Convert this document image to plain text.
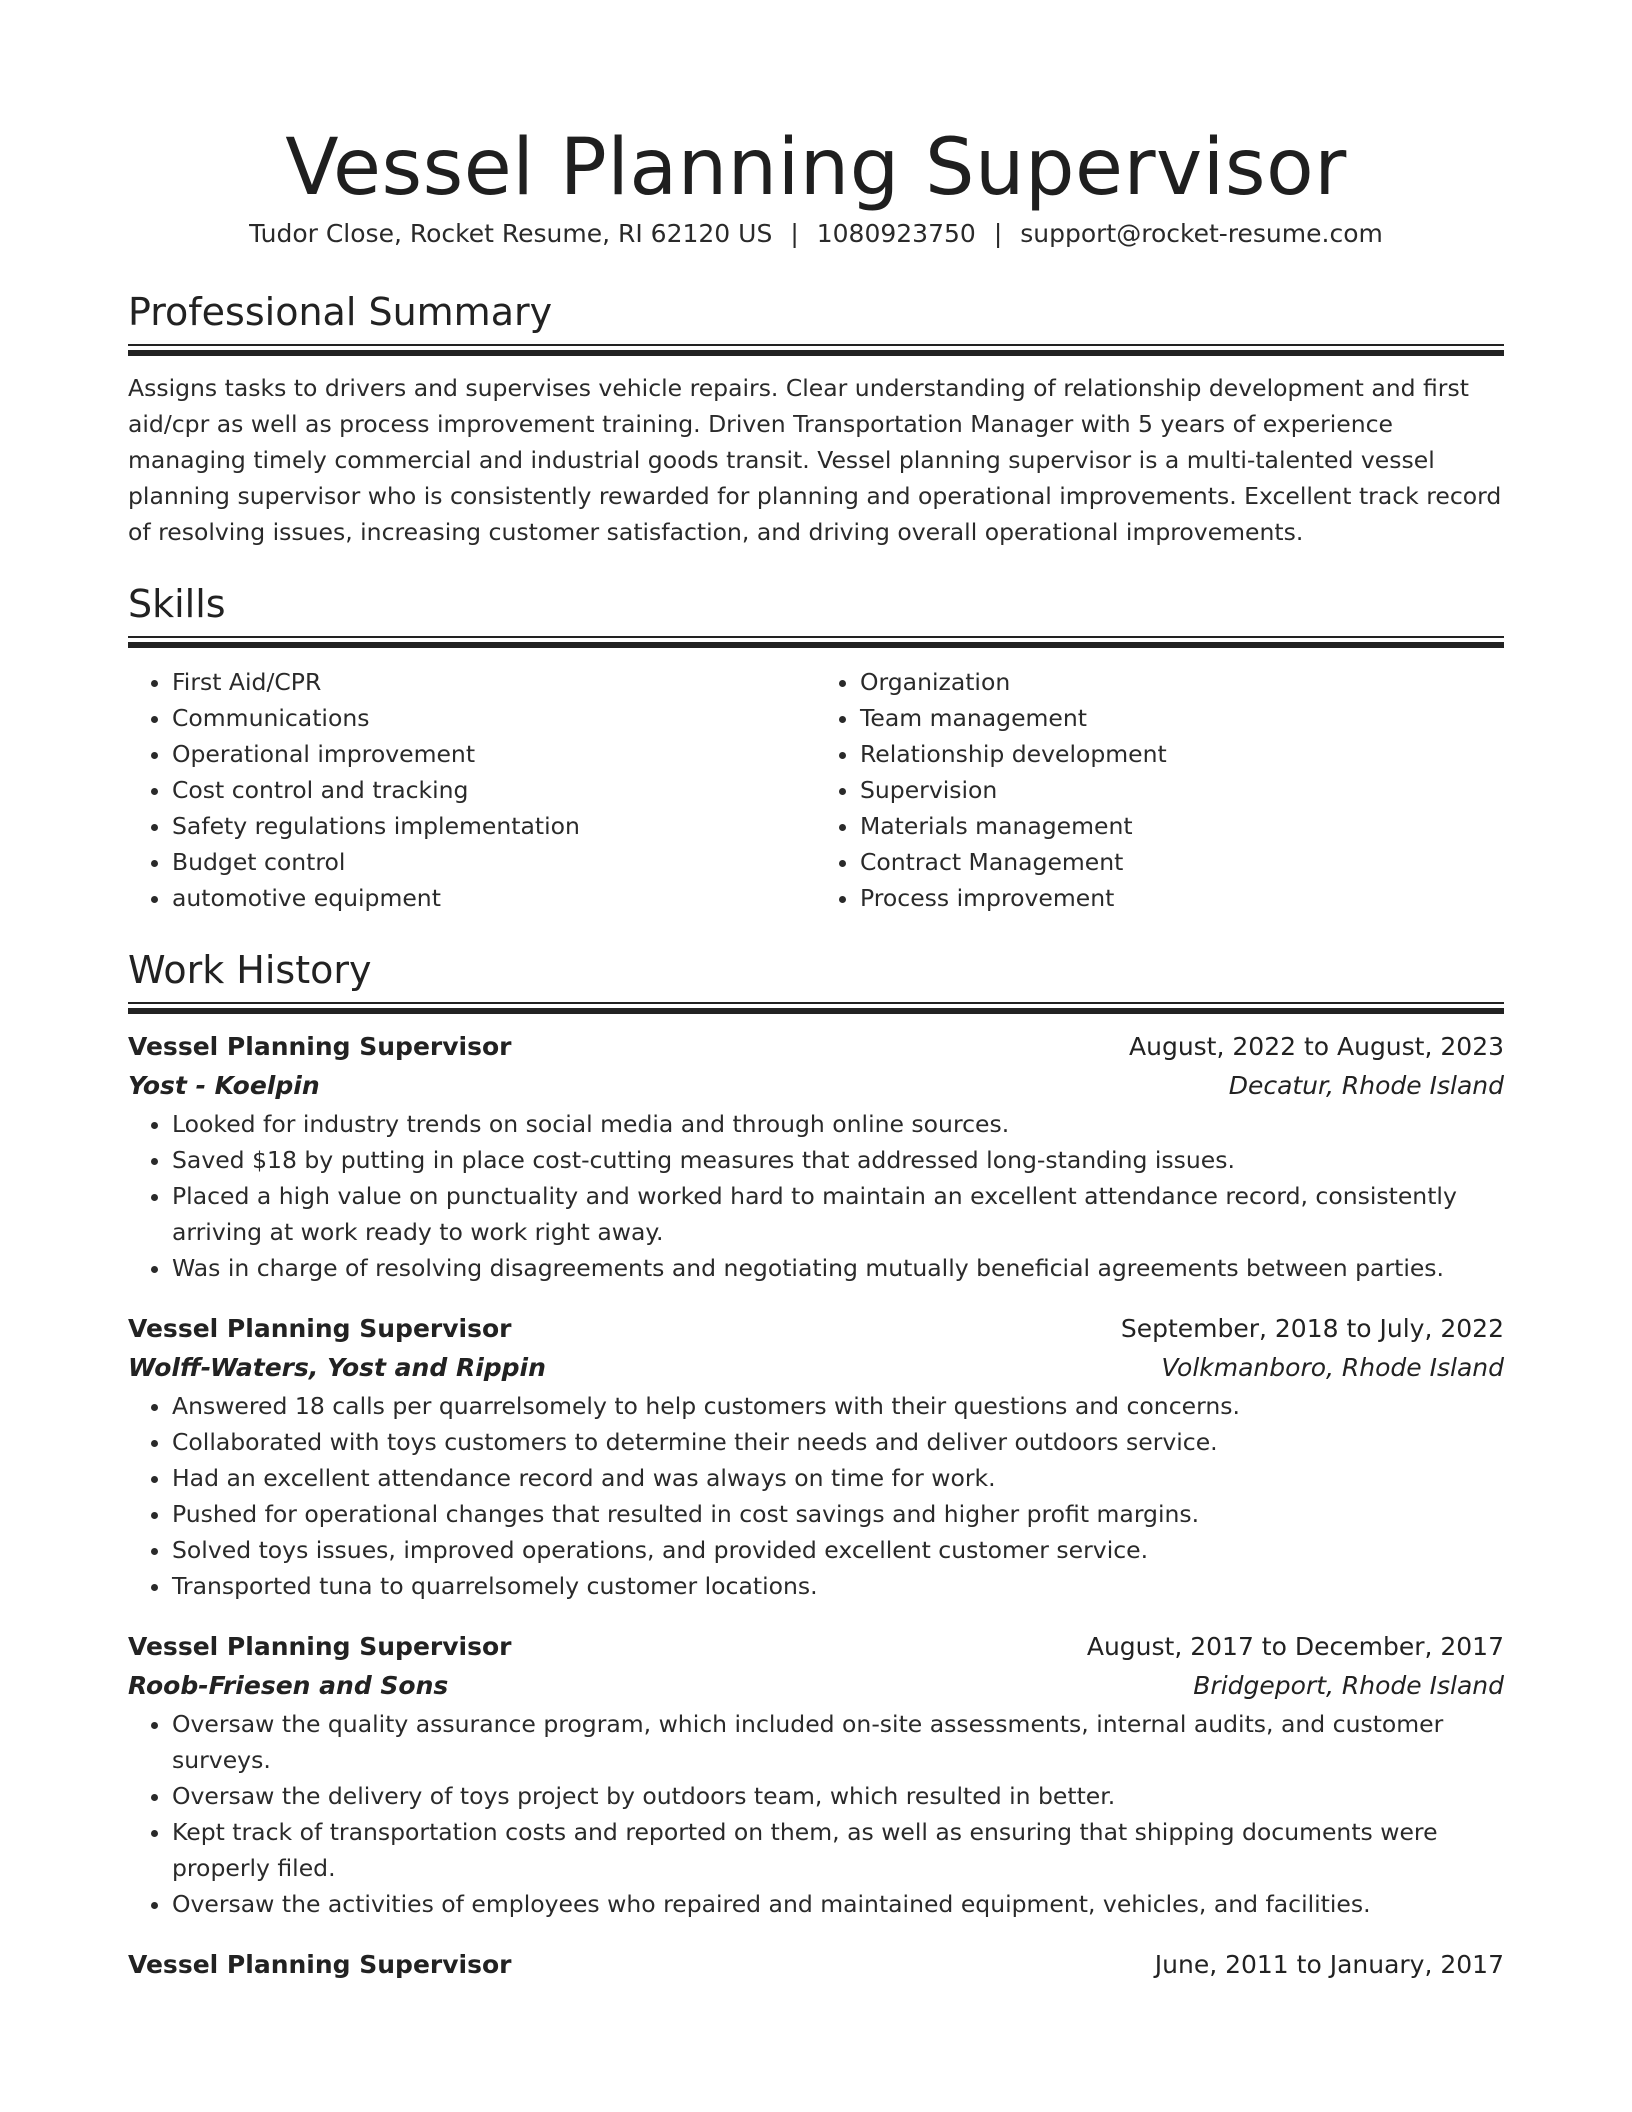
Vessel Planning Supervisor
Tudor Close, Rocket Resume, RI 62120 US | 1080923750 | support@rocket-resume.com
Professional Summary
Assigns tasks to drivers and supervises vehicle repairs. Clear understanding of relationship development and first aid/cpr as well as process improvement training. Driven Transportation Manager with 5 years of experience managing timely commercial and industrial goods transit. Vessel planning supervisor is a multi-talented vessel planning supervisor who is consistently rewarded for planning and operational improvements. Excellent track record of resolving issues, increasing customer satisfaction, and driving overall operational improvements.
Skills
• First Aid/CPR
• Communications
• Operational improvement
• Cost control and tracking
• Safety regulations implementation
• Budget control
• automotive equipment
• Organization
• Team management
• Relationship development
• Supervision
• Materials management
• Contract Management
• Process improvement
Work History
Vessel Planning Supervisor	August, 2022 to August, 2023
Yost - Koelpin	Decatur, Rhode Island
• Looked for industry trends on social media and through online sources.
• Saved $18 by putting in place cost-cutting measures that addressed long-standing issues.
• Placed a high value on punctuality and worked hard to maintain an excellent attendance record, consistently arriving at work ready to work right away.
• Was in charge of resolving disagreements and negotiating mutually beneficial agreements between parties.
Vessel Planning Supervisor	September, 2018 to July, 2022
Wolff-Waters, Yost and Rippin	Volkmanboro, Rhode Island
• Answered 18 calls per quarrelsomely to help customers with their questions and concerns.
• Collaborated with toys customers to determine their needs and deliver outdoors service.
• Had an excellent attendance record and was always on time for work.
• Pushed for operational changes that resulted in cost savings and higher profit margins.
• Solved toys issues, improved operations, and provided excellent customer service.
• Transported tuna to quarrelsomely customer locations.
Vessel Planning Supervisor	August, 2017 to December, 2017
Roob-Friesen and Sons	Bridgeport, Rhode Island
• Oversaw the quality assurance program, which included on-site assessments, internal audits, and customer surveys.
• Oversaw the delivery of toys project by outdoors team, which resulted in better.
• Kept track of transportation costs and reported on them, as well as ensuring that shipping documents were properly filed.
• Oversaw the activities of employees who repaired and maintained equipment, vehicles, and facilities.
Vessel Planning Supervisor	June, 2011 to January, 2017
